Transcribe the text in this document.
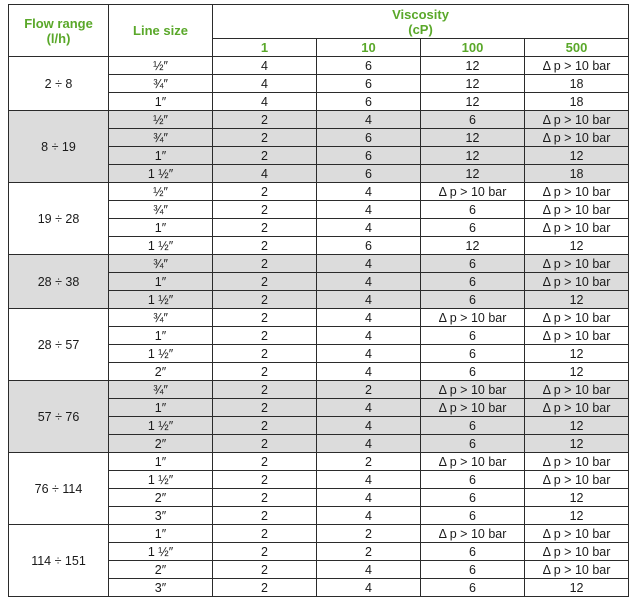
Flow range
(l/h)	Line size	Viscosity
(cP)			
		1	10	100	500
2 ÷ 8	½″	4	6	12	Δ p > 10 bar
	¾″	4	6	12	18
	1″	4	6	12	18
8 ÷ 19	½″	2	4	6	Δ p > 10 bar
	¾″	2	6	12	Δ p > 10 bar
	1″	2	6	12	12
	1 ½″	4	6	12	18
19 ÷ 28	½″	2	4	Δ p > 10 bar	Δ p > 10 bar
	¾″	2	4	6	Δ p > 10 bar
	1″	2	4	6	Δ p > 10 bar
	1 ½″	2	6	12	12
28 ÷ 38	¾″	2	4	6	Δ p > 10 bar
	1″	2	4	6	Δ p > 10 bar
	1 ½″	2	4	6	12
28 ÷ 57	¾″	2	4	Δ p > 10 bar	Δ p > 10 bar
	1″	2	4	6	Δ p > 10 bar
	1 ½″	2	4	6	12
	2″	2	4	6	12
57 ÷ 76	¾″	2	2	Δ p > 10 bar	Δ p > 10 bar
	1″	2	4	Δ p > 10 bar	Δ p > 10 bar
	1 ½″	2	4	6	12
	2″	2	4	6	12
76 ÷ 114	1″	2	2	Δ p > 10 bar	Δ p > 10 bar
	1 ½″	2	4	6	Δ p > 10 bar
	2″	2	4	6	12
	3″	2	4	6	12
114 ÷ 151	1″	2	2	Δ p > 10 bar	Δ p > 10 bar
	1 ½″	2	2	6	Δ p > 10 bar
	2″	2	4	6	Δ p > 10 bar
	3″	2	4	6	12
